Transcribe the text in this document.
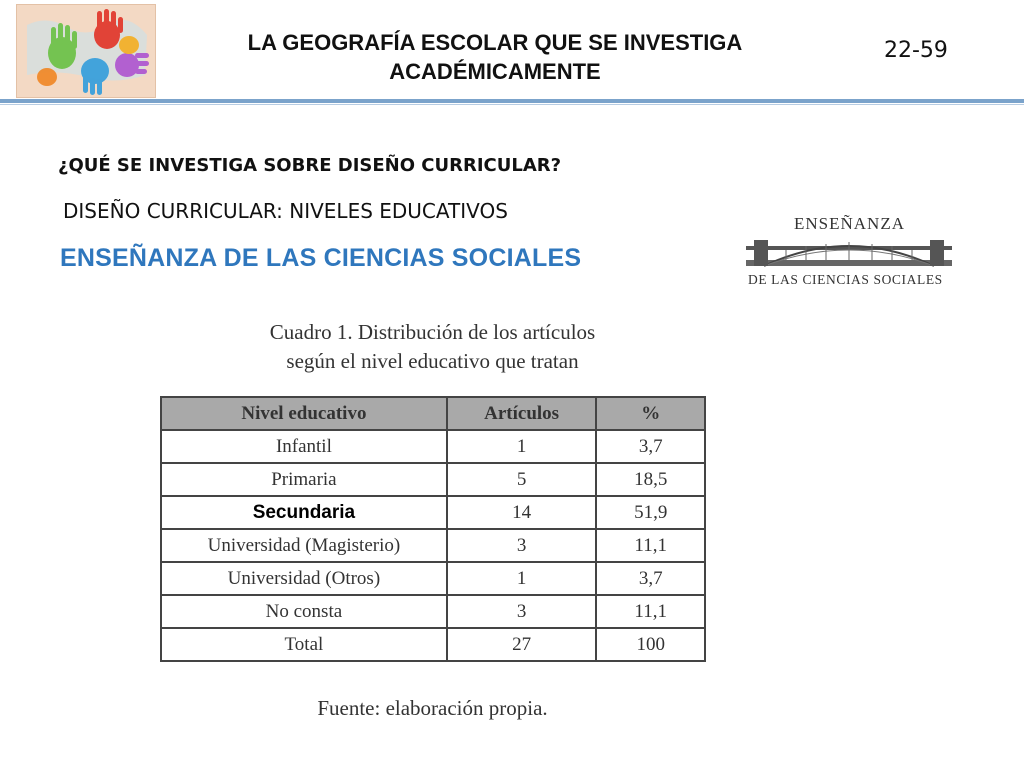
LA GEOGRAFÍA ESCOLAR QUE SE INVESTIGA ACADÉMICAMENTE
22-59
¿QUÉ SE INVESTIGA SOBRE DISEÑO CURRICULAR?
DISEÑO CURRICULAR: NIVELES EDUCATIVOS
ENSEÑANZA DE LAS CIENCIAS SOCIALES
ENSEÑANZA
DE LAS CIENCIAS SOCIALES
Cuadro 1. Distribución de los artículos
según el nivel educativo que tratan
Nivel educativo	Artículos	%
Infantil	1	3,7
Primaria	5	18,5
Secundaria	14	51,9
Universidad (Magisterio)	3	11,1
Universidad (Otros)	1	3,7
No consta	3	11,1
Total	27	100
Fuente: elaboración propia.
